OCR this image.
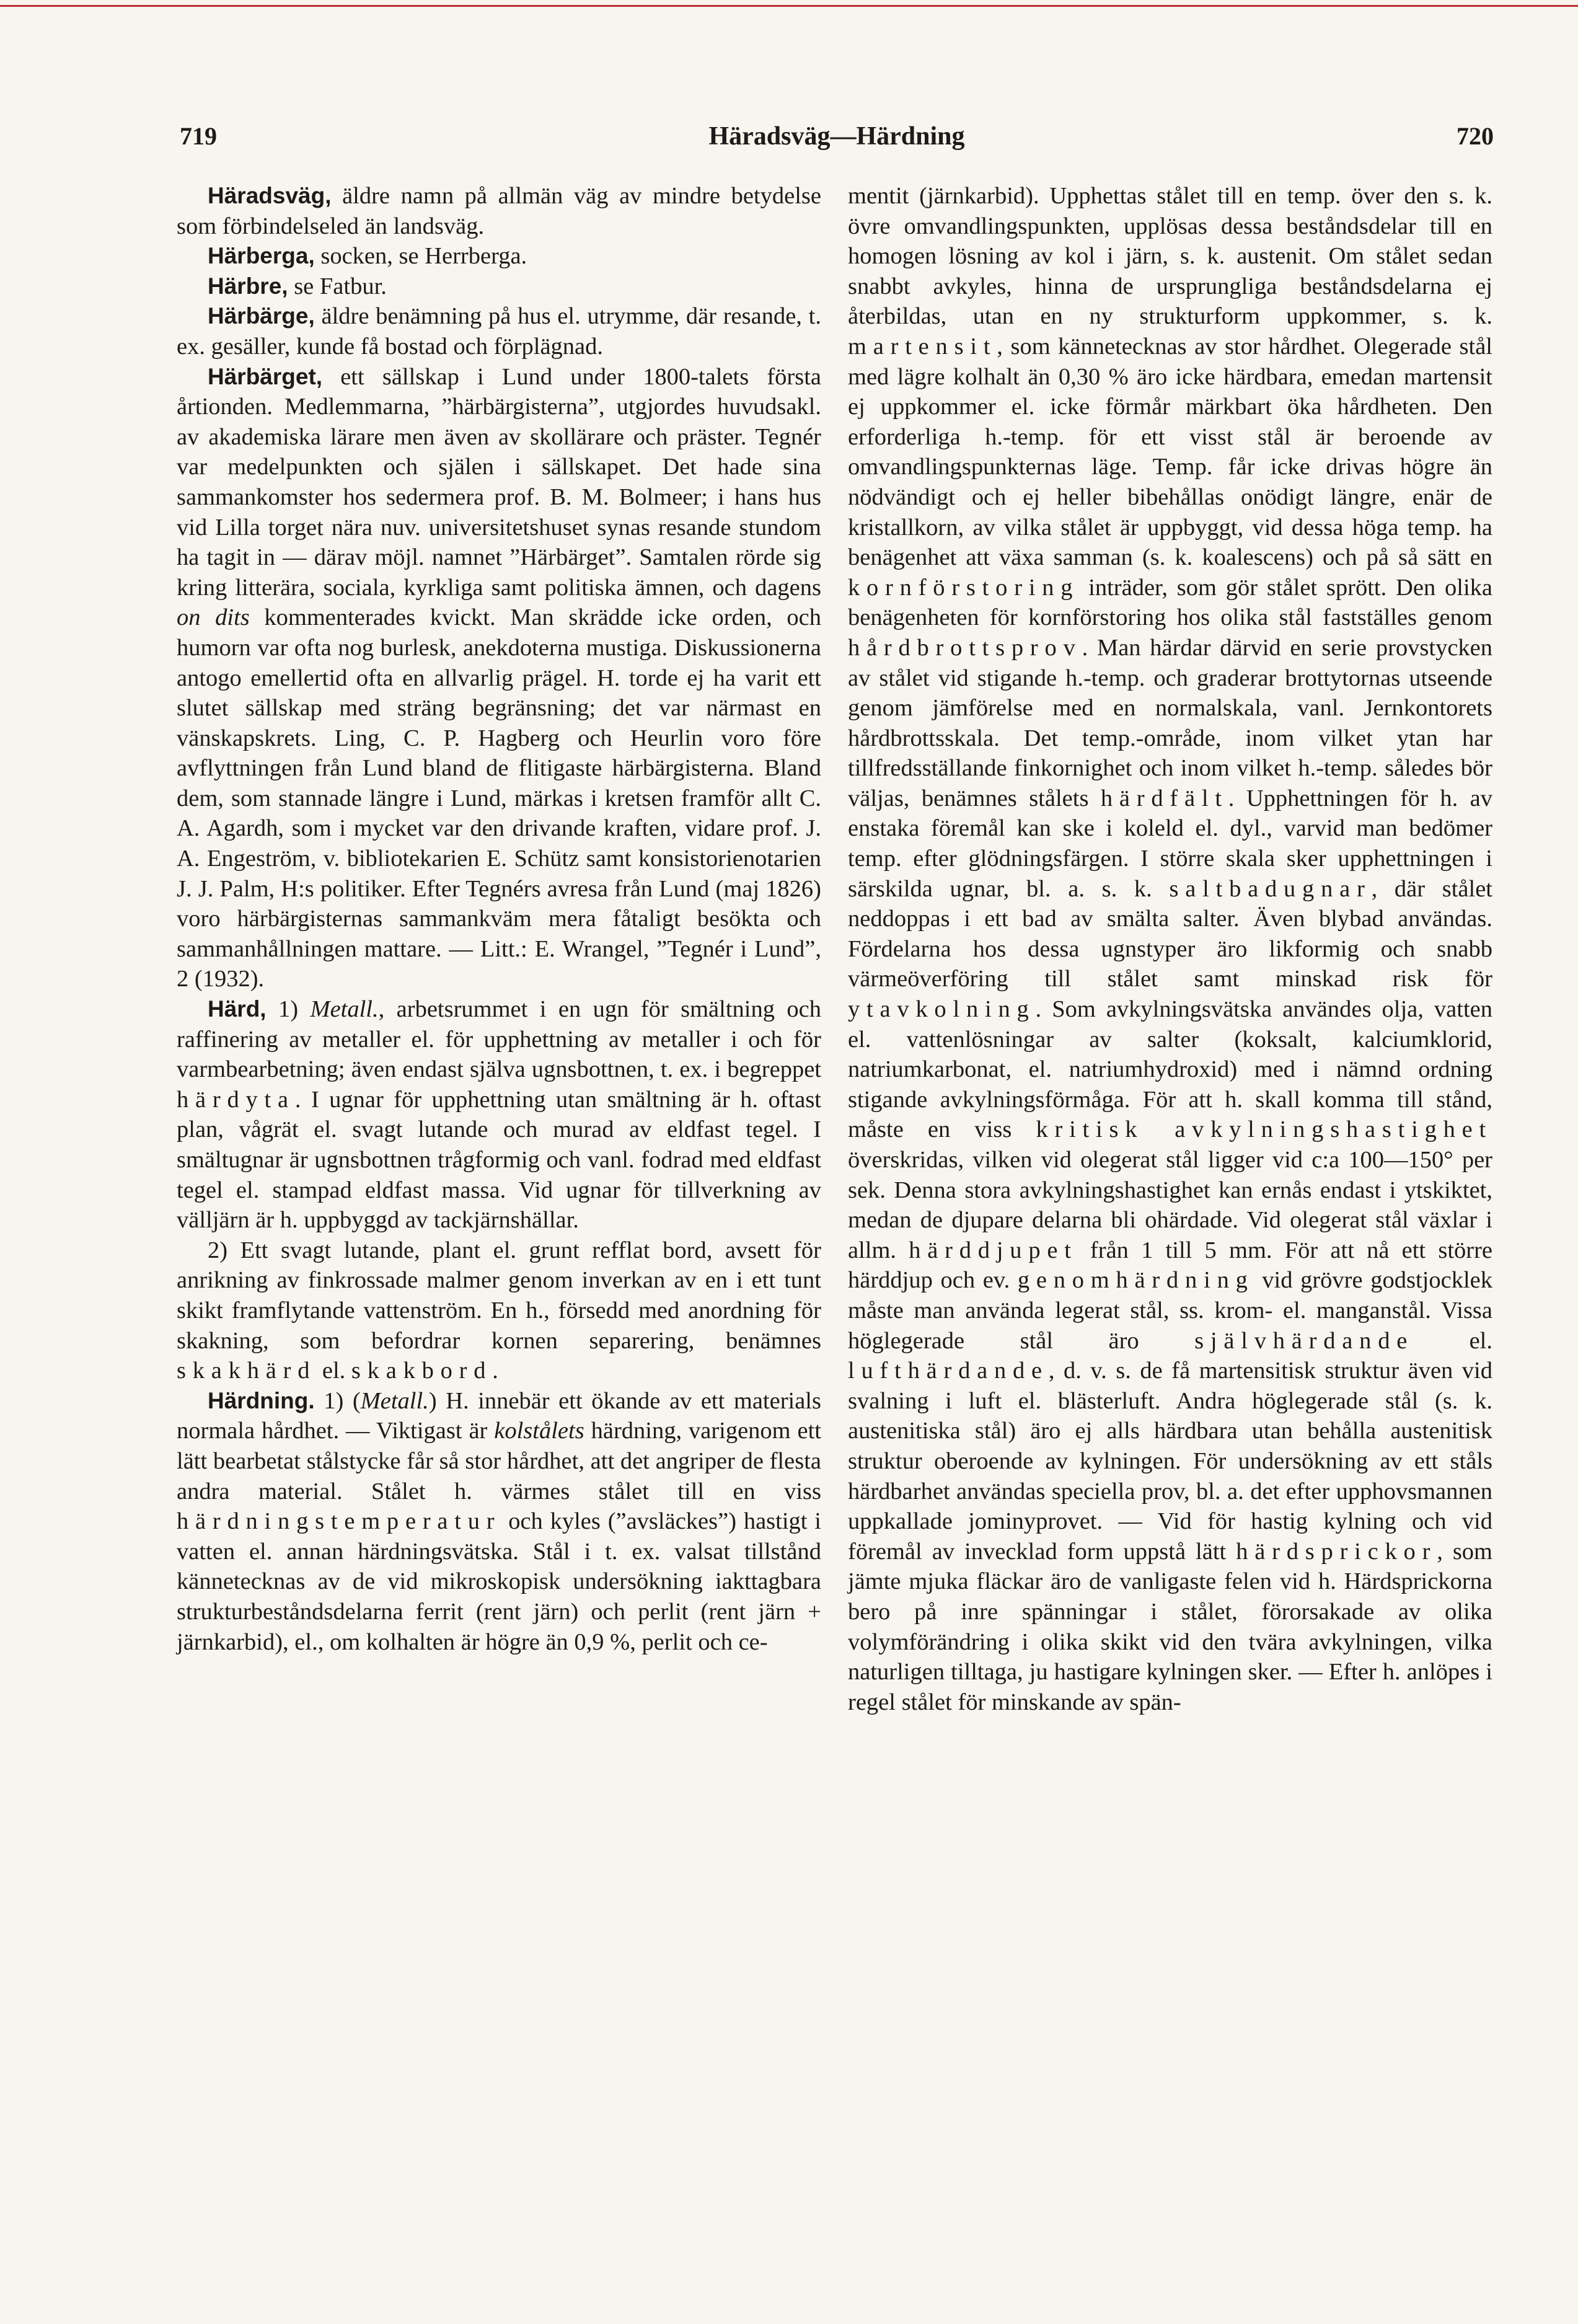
719	Häradsväg—Härdning	720

Häradsväg, äldre namn på allmän väg av mindre betydelse som förbindelseled än landsväg.

Härberga, socken, se Herrberga.

Härbre, se Fatbur.

Härbärge, äldre benämning på hus el. utrymme, där resande, t. ex. gesäller, kunde få bostad och förplägnad.

Härbärget, ett sällskap i Lund under 1800-talets första årtionden. Medlemmarna, ”härbärgisterna”, utgjordes huvudsakl. av akademiska lärare men även av skollärare och präster. Tegnér var medelpunkten och själen i sällskapet. Det hade sina sammankomster hos sedermera prof. B. M. Bolmeer; i hans hus vid Lilla torget nära nuv. universitetshuset synas resande stundom ha tagit in — därav möjl. namnet ”Härbärget”. Samtalen rörde sig kring litterära, sociala, kyrkliga samt politiska ämnen, och dagens on dits kommenterades kvickt. Man skrädde icke orden, och humorn var ofta nog burlesk, anekdoterna mustiga. Diskussionerna antogo emellertid ofta en allvarlig prägel. H. torde ej ha varit ett slutet sällskap med sträng begränsning; det var närmast en vänskapskrets. Ling, C. P. Hagberg och Heurlin voro före avflyttningen från Lund bland de flitigaste härbärgisterna. Bland dem, som stannade längre i Lund, märkas i kretsen framför allt C. A. Agardh, som i mycket var den drivande kraften, vidare prof. J. A. Engeström, v. bibliotekarien E. Schütz samt konsistorienotarien J. J. Palm, H:s politiker. Efter Tegnérs avresa från Lund (maj 1826) voro härbärgisternas sammankväm mera fåtaligt besökta och sammanhållningen mattare. — Litt.: E. Wrangel, ”Tegnér i Lund”, 2 (1932).

Härd, 1) Metall., arbetsrummet i en ugn för smältning och raffinering av metaller el. för upphettning av metaller i och för varmbearbetning; även endast själva ugnsbottnen, t. ex. i begreppet härdyta. I ugnar för upphettning utan smältning är h. oftast plan, vågrät el. svagt lutande och murad av eldfast tegel. I smältugnar är ugnsbottnen trågformig och vanl. fodrad med eldfast tegel el. stampad eldfast massa. Vid ugnar för tillverkning av välljärn är h. uppbyggd av tackjärnshällar.

2) Ett svagt lutande, plant el. grunt refflat bord, avsett för anrikning av finkrossade malmer genom inverkan av en i ett tunt skikt framflytande vattenström. En h., försedd med anordning för skakning, som befordrar kornen separering, benämnes skakhärd el. skakbord.

Härdning. 1) (Metall.) H. innebär ett ökande av ett materials normala hårdhet. — Viktigast är kolstålets härdning, varigenom ett lätt bearbetat stålstycke får så stor hårdhet, att det angriper de flesta andra material. Stålet h. värmes stålet till en viss härdningstemperatur och kyles (”avsläckes”) hastigt i vatten el. annan härdningsvätska. Stål i t. ex. valsat tillstånd kännetecknas av de vid mikroskopisk undersökning iakttagbara strukturbeståndsdelarna ferrit (rent järn) och perlit (rent järn + järnkarbid), el., om kolhalten är högre än 0,9 %, perlit och ce-

mentit (järnkarbid). Upphettas stålet till en temp. över den s. k. övre omvandlingspunkten, upplösas dessa beståndsdelar till en homogen lösning av kol i järn, s. k. austenit. Om stålet sedan snabbt avkyles, hinna de ursprungliga beståndsdelarna ej återbildas, utan en ny strukturform uppkommer, s. k. martensit, som kännetecknas av stor hårdhet. Olegerade stål med lägre kolhalt än 0,30 % äro icke härdbara, emedan martensit ej uppkommer el. icke förmår märkbart öka hårdheten. Den erforderliga h.-temp. för ett visst stål är beroende av omvandlingspunkternas läge. Temp. får icke drivas högre än nödvändigt och ej heller bibehållas onödigt längre, enär de kristallkorn, av vilka stålet är uppbyggt, vid dessa höga temp. ha benägenhet att växa samman (s. k. koalescens) och på så sätt en kornförstoring inträder, som gör stålet sprött. Den olika benägenheten för kornförstoring hos olika stål fastställes genom hårdbrottsprov. Man härdar därvid en serie provstycken av stålet vid stigande h.-temp. och graderar brottytornas utseende genom jämförelse med en normalskala, vanl. Jernkontorets hårdbrottsskala. Det temp.-område, inom vilket ytan har tillfredsställande finkornighet och inom vilket h.-temp. således bör väljas, benämnes stålets härdfält. Upphettningen för h. av enstaka föremål kan ske i koleld el. dyl., varvid man bedömer temp. efter glödningsfärgen. I större skala sker upphettningen i särskilda ugnar, bl. a. s. k. saltbadugnar, där stålet neddoppas i ett bad av smälta salter. Även blybad användas. Fördelarna hos dessa ugnstyper äro likformig och snabb värmeöverföring till stålet samt minskad risk för ytavkolning. Som avkylningsvätska användes olja, vatten el. vattenlösningar av salter (koksalt, kalciumklorid, natriumkarbonat, el. natriumhydroxid) med i nämnd ordning stigande avkylningsförmåga. För att h. skall komma till stånd, måste en viss kritisk avkylningshastighet överskridas, vilken vid olegerat stål ligger vid c:a 100—150° per sek. Denna stora avkylningshastighet kan ernås endast i ytskiktet, medan de djupare delarna bli ohärdade. Vid olegerat stål växlar i allm. härddjupet från 1 till 5 mm. För att nå ett större härddjup och ev. genomhärdning vid grövre godstjocklek måste man använda legerat stål, ss. krom- el. manganstål. Vissa höglegerade stål äro självhärdande el. lufthärdande, d. v. s. de få martensitisk struktur även vid svalning i luft el. blästerluft. Andra höglegerade stål (s. k. austenitiska stål) äro ej alls härdbara utan behålla austenitisk struktur oberoende av kylningen. För undersökning av ett ståls härdbarhet användas speciella prov, bl. a. det efter upphovsmannen uppkallade jominyprovet. — Vid för hastig kylning och vid föremål av invecklad form uppstå lätt härdsprickor, som jämte mjuka fläckar äro de vanligaste felen vid h. Härdsprickorna bero på inre spänningar i stålet, förorsakade av olika volymförändring i olika skikt vid den tvära avkylningen, vilka naturligen tilltaga, ju hastigare kylningen sker. — Efter h. anlöpes i regel stålet för minskande av spän-
